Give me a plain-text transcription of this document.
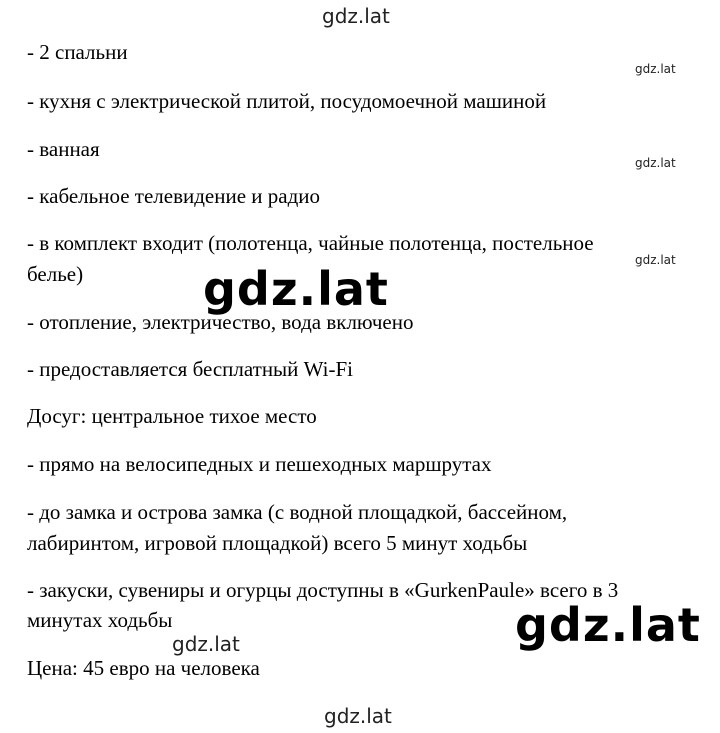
gdz.lat
- 2 спальни
gdz.lat
- кухня с электрической плитой, посудомоечной машиной
- ванная
gdz.lat
- кабельное телевидение и радио
- в комплект входит (полотенца, чайные полотенца, постельное
gdz.lat
белье)	gdz.lat
- отопление, электричество, вода включено
- предоставляется бесплатный Wi-Fi
Досуг: центральное тихое место
- прямо на велосипедных и пешеходных маршрутах
- до замка и острова замка (с водной площадкой, бассейном,
лабиринтом, игровой площадкой) всего 5 минут ходьбы
- закуски, сувениры и огурцы доступны в «GurkenPaule» всего в 3
минутах ходьбы	gdz.lat
gdz.lat
Цена: 45 евро на человека
gdz.lat
